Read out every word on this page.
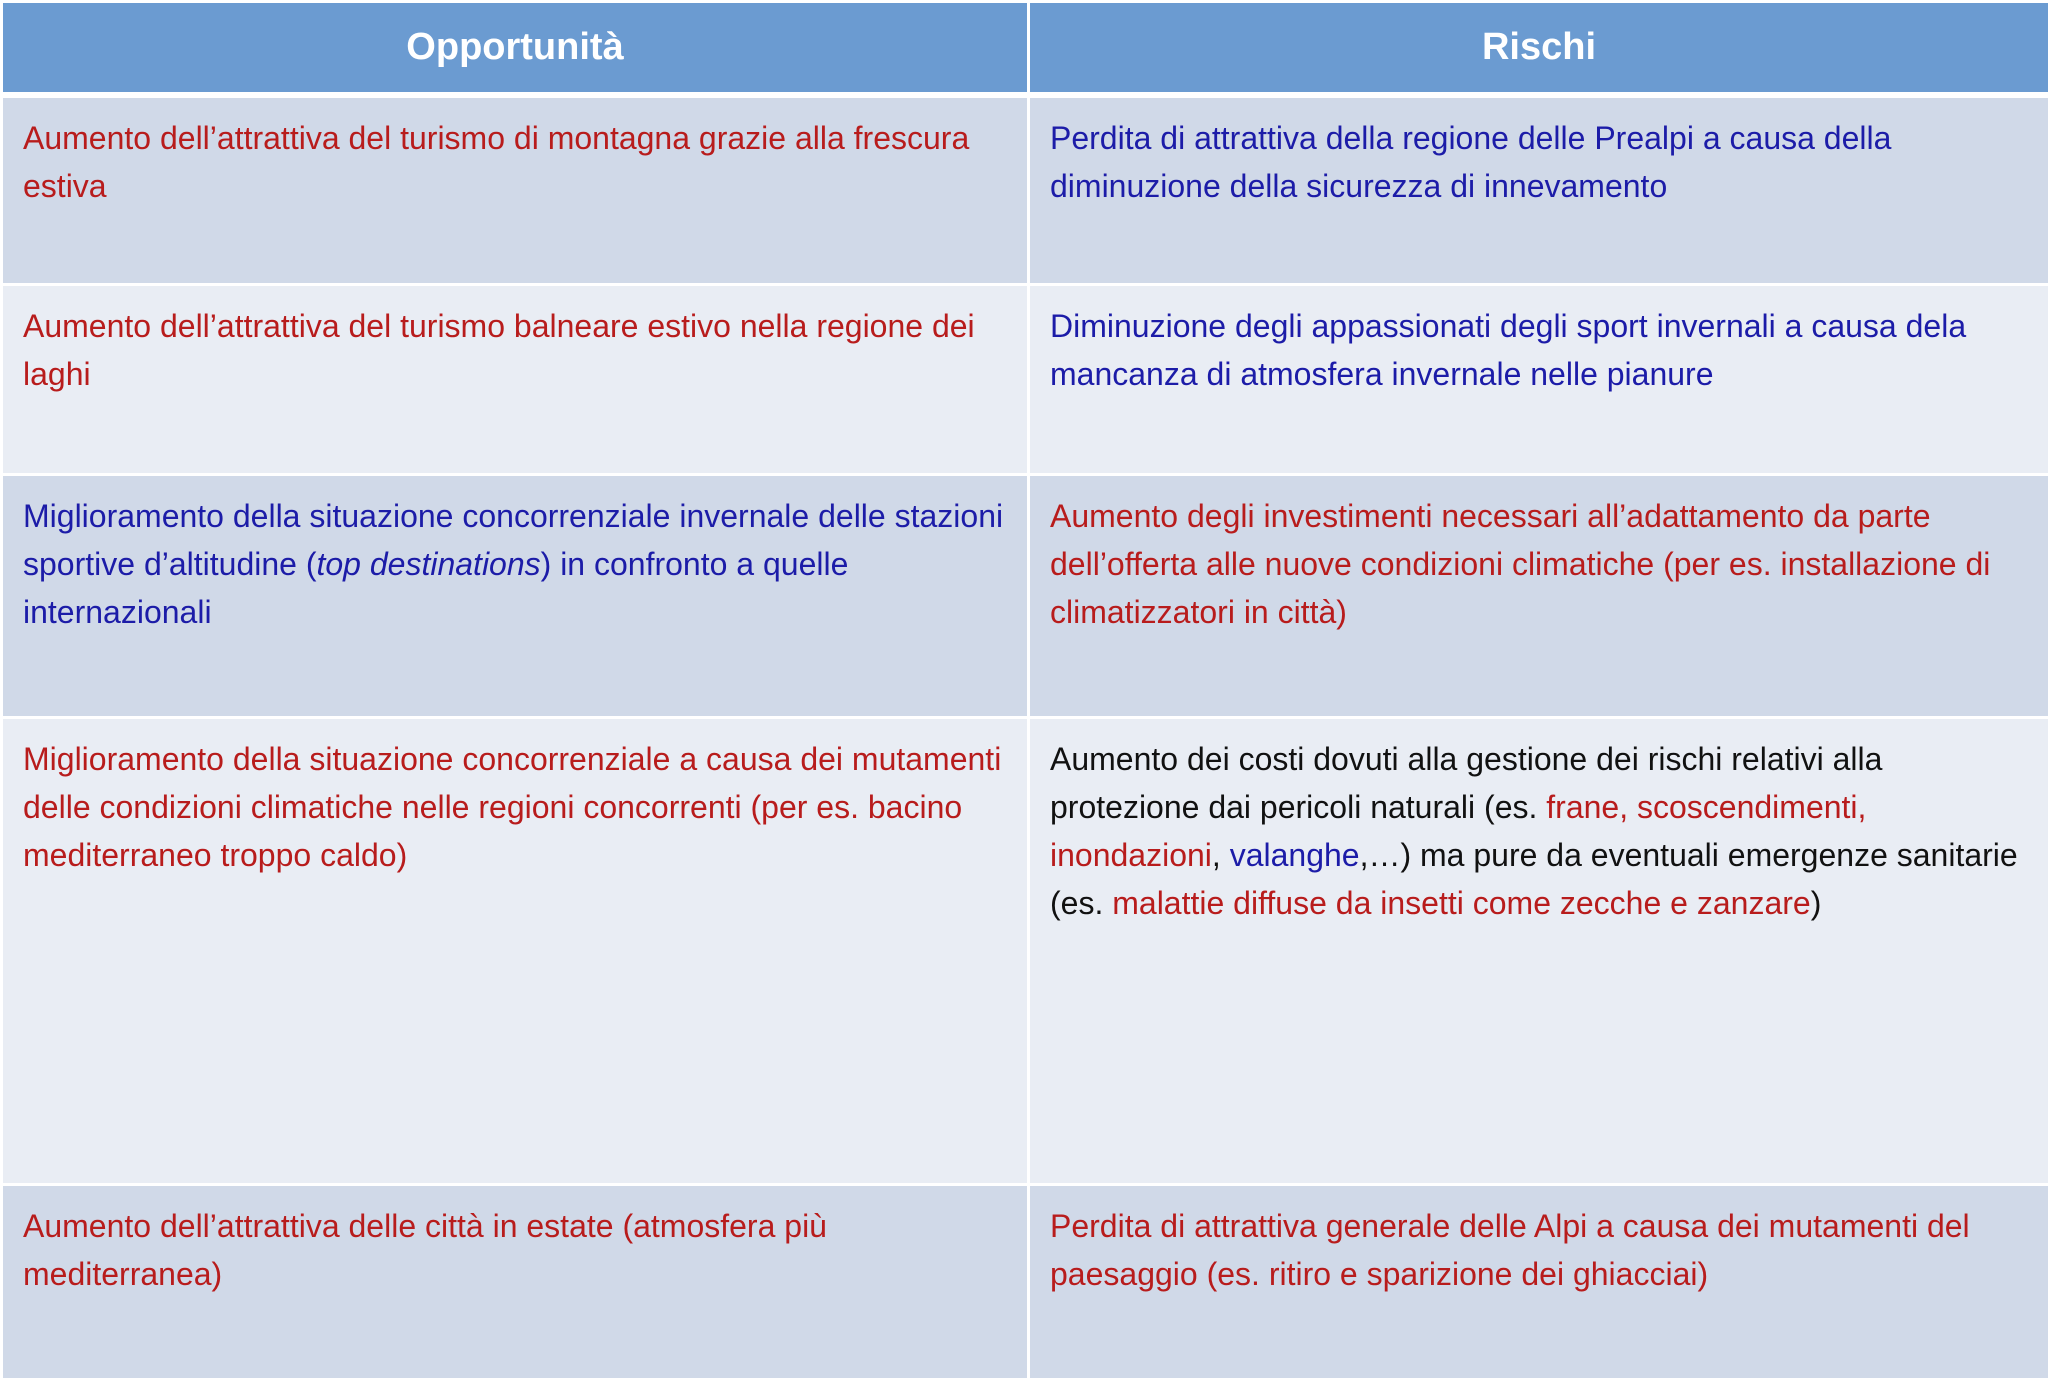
Opportunità	Rischi
Aumento dell’attrattiva del turismo di montagna grazie alla frescura estiva	Perdita di attrattiva della regione delle Prealpi a causa della diminuzione della sicurezza di innevamento
Aumento dell’attrattiva del turismo balneare estivo nella regione dei laghi	Diminuzione degli appassionati degli sport invernali a causa dela mancanza di atmosfera invernale nelle pianure
Miglioramento della situazione concorrenziale invernale delle stazioni sportive d’altitudine (top destinations) in confronto a quelle internazionali	Aumento degli investimenti necessari all’adattamento da parte dell’offerta alle nuove condizioni climatiche (per es. installazione di climatizzatori in città)
Miglioramento della situazione concorrenziale a causa dei mutamenti delle condizioni climatiche nelle regioni concorrenti (per es. bacino mediterraneo troppo caldo)	Aumento dei costi dovuti alla gestione dei rischi relativi alla protezione dai pericoli naturali (es. frane, scoscendimenti, inondazioni, valanghe,…) ma pure da eventuali emergenze sanitarie (es. malattie diffuse da insetti come zecche e zanzare)
Aumento dell’attrattiva delle città in estate (atmosfera più mediterranea)	Perdita di attrattiva generale delle Alpi a causa dei mutamenti del paesaggio (es. ritiro e sparizione dei ghiacciai)
